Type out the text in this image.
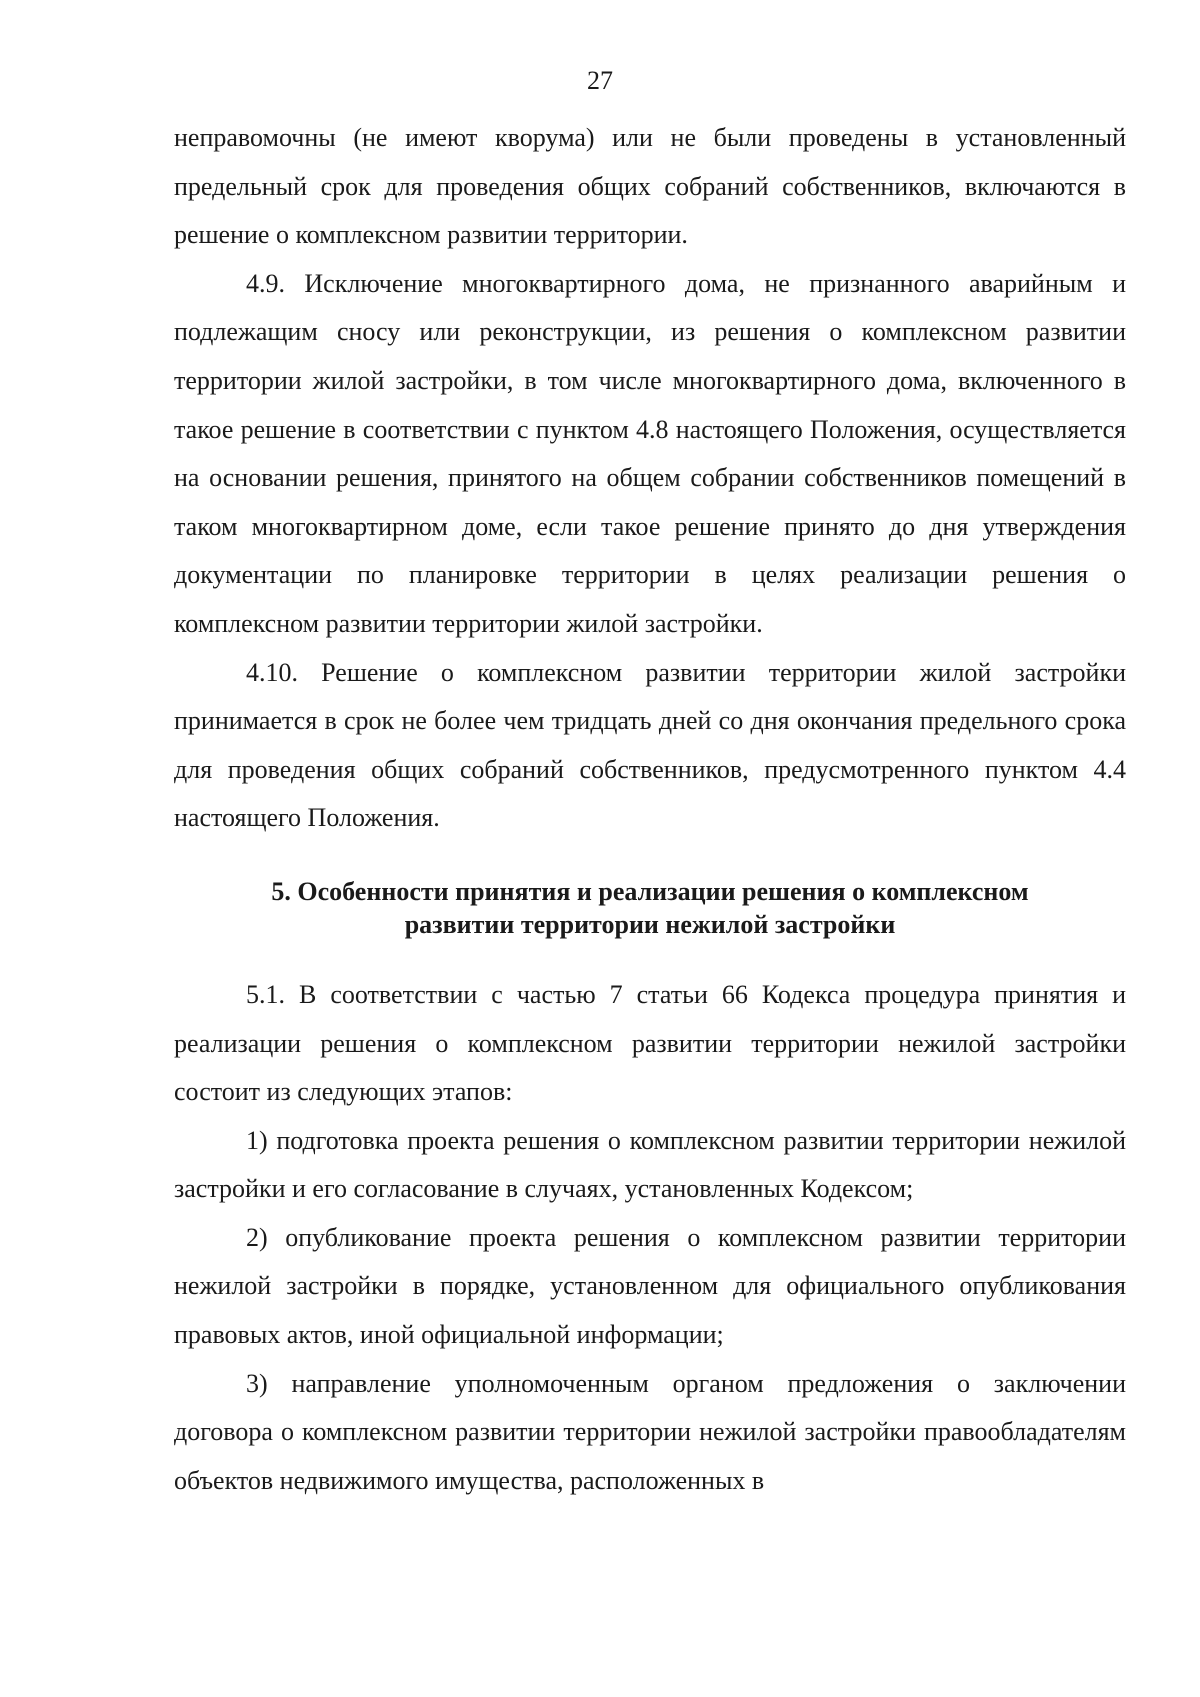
27

неправомочны (не имеют кворума) или не были проведены в установленный предельный срок для проведения общих собраний собственников, включаются в решение о комплексном развитии территории.

4.9. Исключение многоквартирного дома, не признанного аварийным и подлежащим сносу или реконструкции, из решения о комплексном развитии территории жилой застройки, в том числе многоквартирного дома, включенного в такое решение в соответствии с пунктом 4.8 настоящего Положения, осуществляется на основании решения, принятого на общем собрании собственников помещений в таком многоквартирном доме, если такое решение принято до дня утверждения документации по планировке территории в целях реализации решения о комплексном развитии территории жилой застройки.

4.10. Решение о комплексном развитии территории жилой застройки принимается в срок не более чем тридцать дней со дня окончания предельного срока для проведения общих собраний собственников, предусмотренного пунктом 4.4 настоящего Положения.

5. Особенности принятия и реализации решения о комплексном
развитии территории нежилой застройки

5.1. В соответствии с частью 7 статьи 66 Кодекса процедура принятия и реализации решения о комплексном развитии территории нежилой застройки состоит из следующих этапов:

1) подготовка проекта решения о комплексном развитии территории нежилой застройки и его согласование в случаях, установленных Кодексом;

2) опубликование проекта решения о комплексном развитии территории нежилой застройки в порядке, установленном для официального опубликования правовых актов, иной официальной информации;

3) направление уполномоченным органом предложения о заключении договора о комплексном развитии территории нежилой застройки правообладателям объектов недвижимого имущества, расположенных в
